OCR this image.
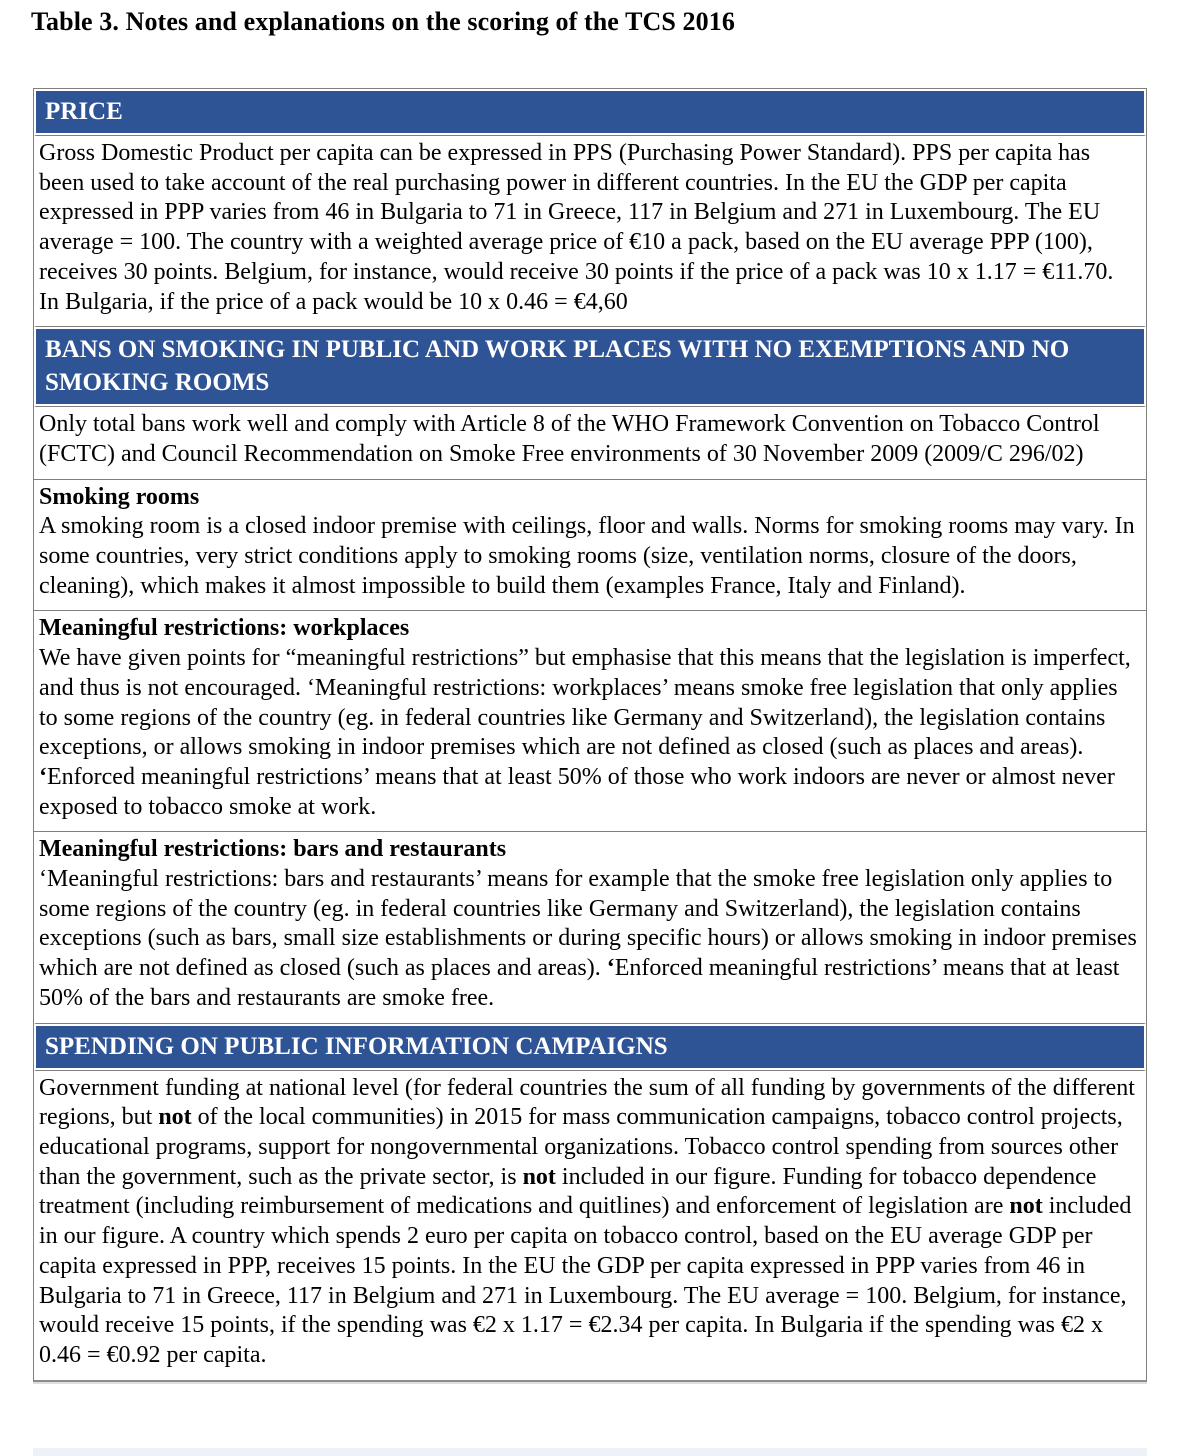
Table 3. Notes and explanations on the scoring of the TCS 2016
PRICE

Gross Domestic Product per capita can be expressed in PPS (Purchasing Power Standard). PPS per capita has been used to take account of the real purchasing power in different countries. In the EU the GDP per capita expressed in PPP varies from 46 in Bulgaria to 71 in Greece, 117 in Belgium and 271 in Luxembourg. The EU average = 100. The country with a weighted average price of €10 a pack, based on the EU average PPP (100), receives 30 points. Belgium, for instance, would receive 30 points if the price of a pack was 10 x 1.17 = €11.70. In Bulgaria, if the price of a pack would be 10 x 0.46 = €4,60

BANS ON SMOKING IN PUBLIC AND WORK PLACES WITH NO EXEMPTIONS AND NO SMOKING ROOMS

Only total bans work well and comply with Article 8 of the WHO Framework Convention on Tobacco Control (FCTC) and Council Recommendation on Smoke Free environments of 30 November 2009 (2009/C 296/02)

Smoking rooms

A smoking room is a closed indoor premise with ceilings, floor and walls. Norms for smoking rooms may vary. In some countries, very strict conditions apply to smoking rooms (size, ventilation norms, closure of the doors, cleaning), which makes it almost impossible to build them (examples France, Italy and Finland).

Meaningful restrictions: workplaces

We have given points for “meaningful restrictions” but emphasise that this means that the legislation is imperfect, and thus is not encouraged. ‘Meaningful restrictions: workplaces’ means smoke free legislation that only applies to some regions of the country (eg. in federal countries like Germany and Switzerland), the legislation contains exceptions, or allows smoking in indoor premises which are not defined as closed (such as places and areas). ‘Enforced meaningful restrictions’ means that at least 50% of those who work indoors are never or almost never exposed to tobacco smoke at work.

Meaningful restrictions: bars and restaurants

‘Meaningful restrictions: bars and restaurants’ means for example that the smoke free legislation only applies to some regions of the country (eg. in federal countries like Germany and Switzerland), the legislation contains exceptions (such as bars, small size establishments or during specific hours) or allows smoking in indoor premises which are not defined as closed (such as places and areas). ‘Enforced meaningful restrictions’ means that at least 50% of the bars and restaurants are smoke free.

SPENDING ON PUBLIC INFORMATION CAMPAIGNS

Government funding at national level (for federal countries the sum of all funding by governments of the different regions, but not of the local communities) in 2015 for mass communication campaigns, tobacco control projects, educational programs, support for nongovernmental organizations. Tobacco control spending from sources other than the government, such as the private sector, is not included in our figure. Funding for tobacco dependence treatment (including reimbursement of medications and quitlines) and enforcement of legislation are not included in our figure. A country which spends 2 euro per capita on tobacco control, based on the EU average GDP per capita expressed in PPP, receives 15 points. In the EU the GDP per capita expressed in PPP varies from 46 in Bulgaria to 71 in Greece, 117 in Belgium and 271 in Luxembourg. The EU average = 100. Belgium, for instance, would receive 15 points, if the spending was €2 x 1.17 = €2.34 per capita. In Bulgaria if the spending was €2 x 0.46 = €0.92 per capita.
